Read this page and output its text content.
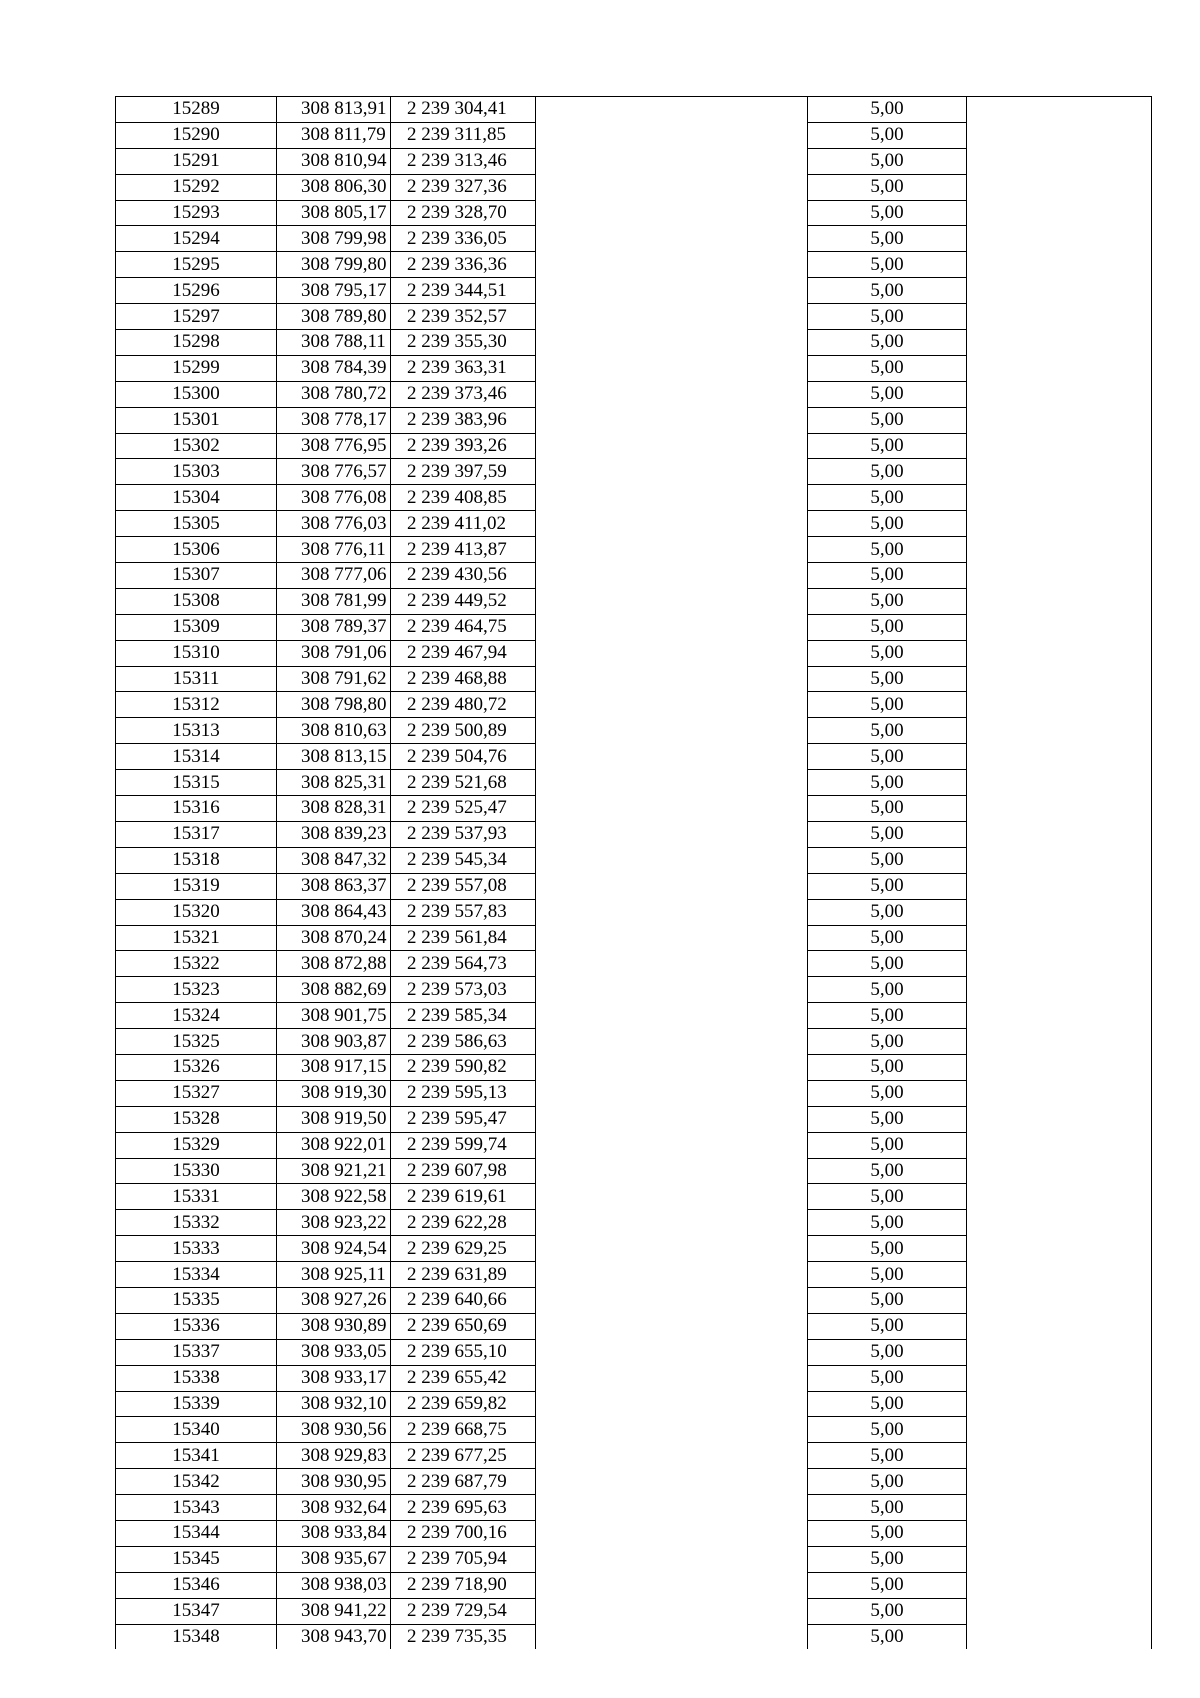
15289	308 813,91	2 239 304,41		5,00	
15290	308 811,79	2 239 311,85		5,00	
15291	308 810,94	2 239 313,46		5,00	
15292	308 806,30	2 239 327,36		5,00	
15293	308 805,17	2 239 328,70		5,00	
15294	308 799,98	2 239 336,05		5,00	
15295	308 799,80	2 239 336,36		5,00	
15296	308 795,17	2 239 344,51		5,00	
15297	308 789,80	2 239 352,57		5,00	
15298	308 788,11	2 239 355,30		5,00	
15299	308 784,39	2 239 363,31		5,00	
15300	308 780,72	2 239 373,46		5,00	
15301	308 778,17	2 239 383,96		5,00	
15302	308 776,95	2 239 393,26		5,00	
15303	308 776,57	2 239 397,59		5,00	
15304	308 776,08	2 239 408,85		5,00	
15305	308 776,03	2 239 411,02		5,00	
15306	308 776,11	2 239 413,87		5,00	
15307	308 777,06	2 239 430,56		5,00	
15308	308 781,99	2 239 449,52		5,00	
15309	308 789,37	2 239 464,75		5,00	
15310	308 791,06	2 239 467,94		5,00	
15311	308 791,62	2 239 468,88		5,00	
15312	308 798,80	2 239 480,72		5,00	
15313	308 810,63	2 239 500,89		5,00	
15314	308 813,15	2 239 504,76		5,00	
15315	308 825,31	2 239 521,68		5,00	
15316	308 828,31	2 239 525,47		5,00	
15317	308 839,23	2 239 537,93		5,00	
15318	308 847,32	2 239 545,34		5,00	
15319	308 863,37	2 239 557,08		5,00	
15320	308 864,43	2 239 557,83		5,00	
15321	308 870,24	2 239 561,84		5,00	
15322	308 872,88	2 239 564,73		5,00	
15323	308 882,69	2 239 573,03		5,00	
15324	308 901,75	2 239 585,34		5,00	
15325	308 903,87	2 239 586,63		5,00	
15326	308 917,15	2 239 590,82		5,00	
15327	308 919,30	2 239 595,13		5,00	
15328	308 919,50	2 239 595,47		5,00	
15329	308 922,01	2 239 599,74		5,00	
15330	308 921,21	2 239 607,98		5,00	
15331	308 922,58	2 239 619,61		5,00	
15332	308 923,22	2 239 622,28		5,00	
15333	308 924,54	2 239 629,25		5,00	
15334	308 925,11	2 239 631,89		5,00	
15335	308 927,26	2 239 640,66		5,00	
15336	308 930,89	2 239 650,69		5,00	
15337	308 933,05	2 239 655,10		5,00	
15338	308 933,17	2 239 655,42		5,00	
15339	308 932,10	2 239 659,82		5,00	
15340	308 930,56	2 239 668,75		5,00	
15341	308 929,83	2 239 677,25		5,00	
15342	308 930,95	2 239 687,79		5,00	
15343	308 932,64	2 239 695,63		5,00	
15344	308 933,84	2 239 700,16		5,00	
15345	308 935,67	2 239 705,94		5,00	
15346	308 938,03	2 239 718,90		5,00	
15347	308 941,22	2 239 729,54		5,00	
15348	308 943,70	2 239 735,35		5,00	
